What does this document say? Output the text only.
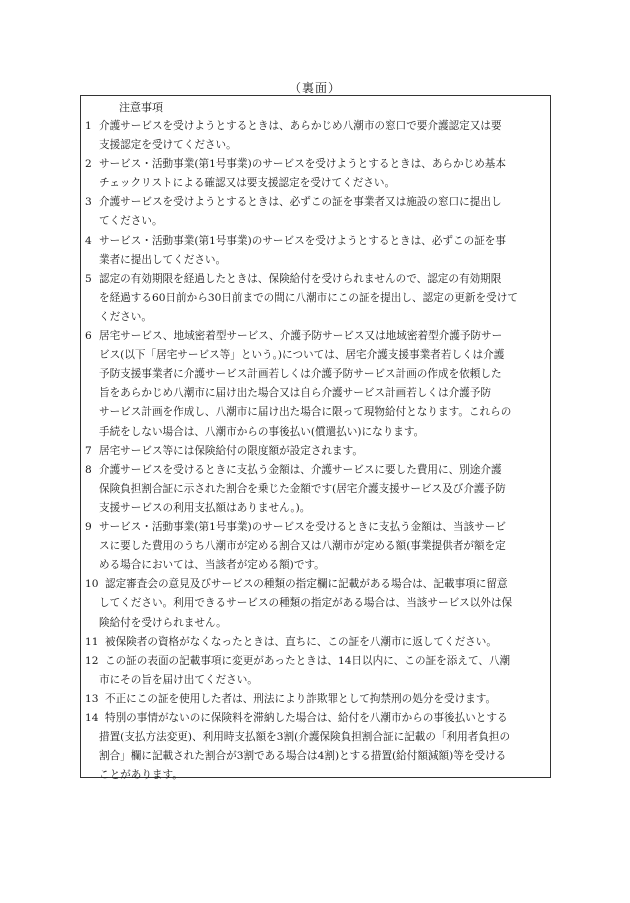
（裏面）
注意事項
1 介護サービスを受けようとするときは、あらかじめ八潮市の窓口で要介護認定又は要
支援認定を受けてください。
2 サービス・活動事業(第1号事業)のサービスを受けようとするときは、あらかじめ基本
チェックリストによる確認又は要支援認定を受けてください。
3 介護サービスを受けようとするときは、必ずこの証を事業者又は施設の窓口に提出し
てください。
4 サービス・活動事業(第1号事業)のサービスを受けようとするときは、必ずこの証を事
業者に提出してください。
5 認定の有効期限を経過したときは、保険給付を受けられませんので、認定の有効期限
を経過する60日前から30日前までの間に八潮市にこの証を提出し、認定の更新を受けて
ください。
6 居宅サービス、地域密着型サービス、介護予防サービス又は地域密着型介護予防サー
ビス(以下「居宅サービス等」という。)については、居宅介護支援事業者若しくは介護
予防支援事業者に介護サービス計画若しくは介護予防サービス計画の作成を依頼した
旨をあらかじめ八潮市に届け出た場合又は自ら介護サービス計画若しくは介護予防
サービス計画を作成し、八潮市に届け出た場合に限って現物給付となります。これらの
手続をしない場合は、八潮市からの事後払い(償還払い)になります。
7 居宅サービス等には保険給付の限度額が設定されます。
8 介護サービスを受けるときに支払う金額は、介護サービスに要した費用に、別途介護
保険負担割合証に示された割合を乗じた金額です(居宅介護支援サービス及び介護予防
支援サービスの利用支払額はありません。)。
9 サービス・活動事業(第1号事業)のサービスを受けるときに支払う金額は、当該サービ
スに要した費用のうち八潮市が定める割合又は八潮市が定める額(事業提供者が額を定
める場合においては、当該者が定める額)です。
10 認定審査会の意見及びサービスの種類の指定欄に記載がある場合は、記載事項に留意
してください。利用できるサービスの種類の指定がある場合は、当該サービス以外は保
険給付を受けられません。
11 被保険者の資格がなくなったときは、直ちに、この証を八潮市に返してください。
12 この証の表面の記載事項に変更があったときは、14日以内に、この証を添えて、八潮
市にその旨を届け出てください。
13 不正にこの証を使用した者は、刑法により詐欺罪として拘禁刑の処分を受けます。
14 特別の事情がないのに保険料を滞納した場合は、給付を八潮市からの事後払いとする
措置(支払方法変更)、利用時支払額を3割(介護保険負担割合証に記載の「利用者負担の
割合」欄に記載された割合が3割である場合は4割)とする措置(給付額減額)等を受ける
ことがあります。
